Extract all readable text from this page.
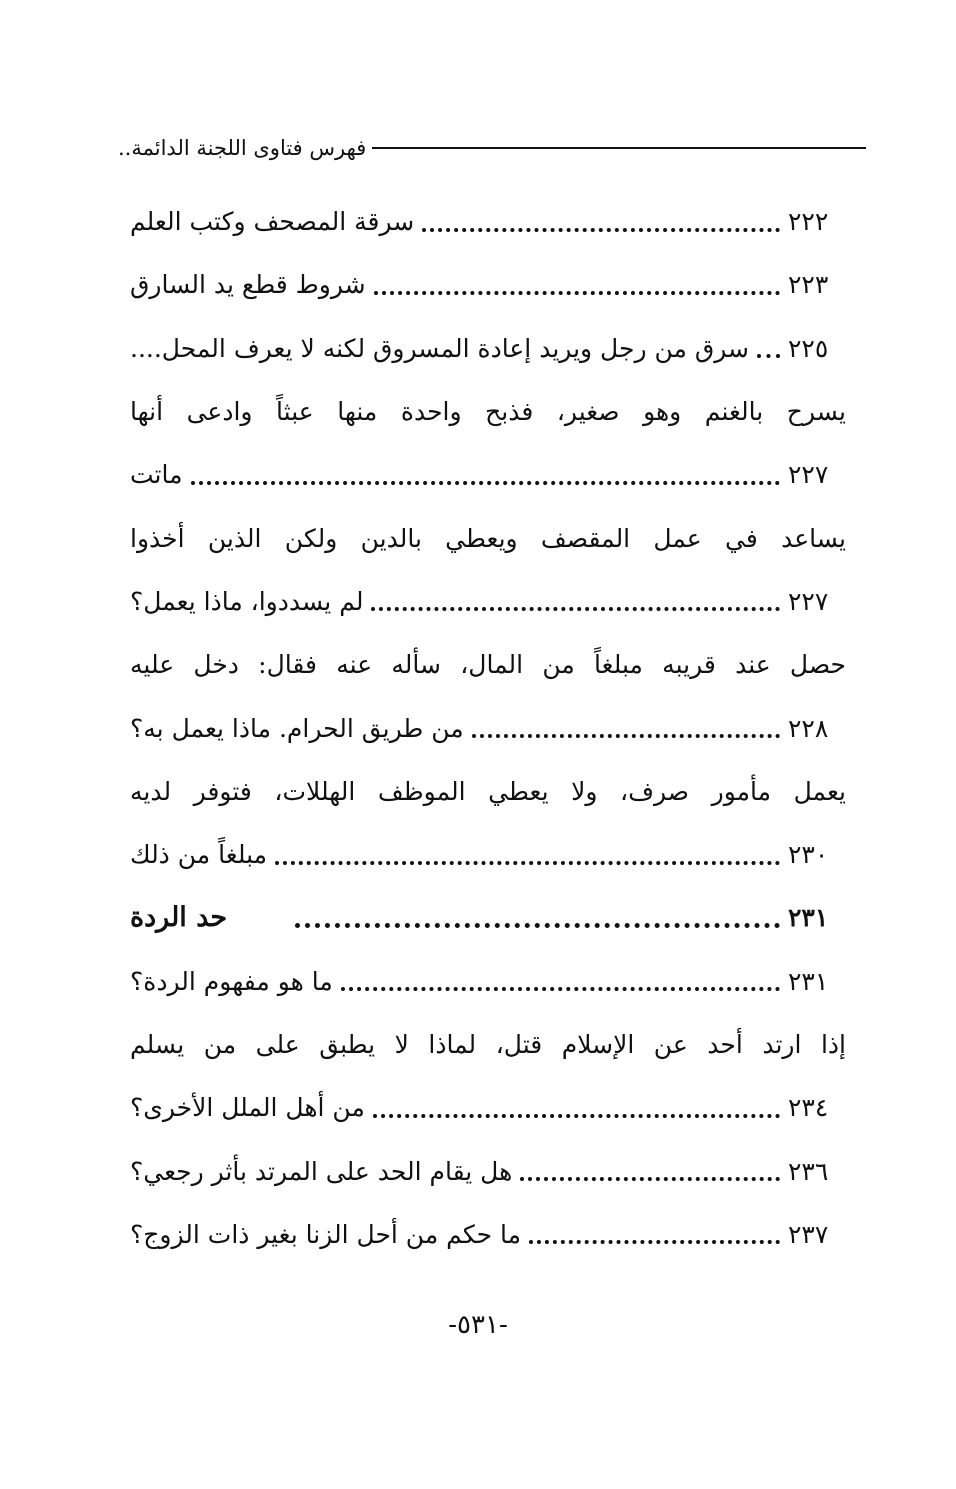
فهرس فتاوى اللجنة الدائمة..
سرقة المصحف وكتب العلم	٢٢٢
شروط قطع يد السارق	٢٢٣
سرق من رجل ويريد إعادة المسروق لكنه لا يعرف المحل.... ٢٢٥
يسرح بالغنم وهو صغير، فذبح واحدة منها عبثاً وادعى أنها
ماتت	٢٢٧
يساعد في عمل المقصف ويعطي بالدين ولكن الذين أخذوا
لم يسددوا، ماذا يعمل؟	٢٢٧
حصل عند قريبه مبلغاً من المال، سأله عنه فقال: دخل عليه
من طريق الحرام. ماذا يعمل به؟	٢٢٨
يعمل مأمور صرف، ولا يعطي الموظف الهللات، فتوفر لديه
مبلغاً من ذلك	٢٣٠
حد الردة	٢٣١
ما هو مفهوم الردة؟	٢٣١
إذا ارتد أحد عن الإسلام قتل، لماذا لا يطبق على من يسلم
من أهل الملل الأخرى؟	٢٣٤
هل يقام الحد على المرتد بأثر رجعي؟	٢٣٦
ما حكم من أحل الزنا بغير ذات الزوج؟	٢٣٧
-٥٣١-
